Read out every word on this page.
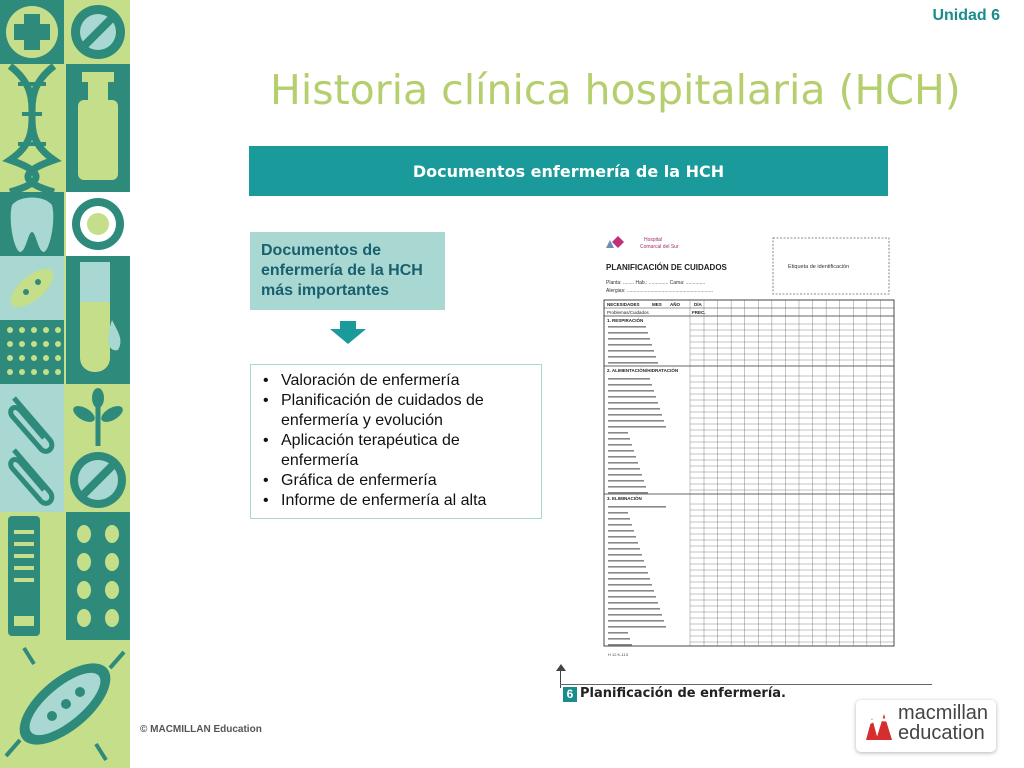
Unidad 6
Historia clínica hospitalaria (HCH)
Documentos enfermería de la HCH
Documentos de enfermería de la HCH más importantes
• Valoración de enfermería
• Planificación de cuidados de enfermería y evolución
• Aplicación terapéutica de enfermería
• Gráfica de enfermería
• Informe de enfermería al alta
Hospital
Comarcal del Sur
Etiqueta de identificación
PLANIFICACIÓN DE CUIDADOS
Planta: ........ Hab.: .............. Cama: ..............
Alergias: ..............................................................
NECESIDADES	MES AÑO	DÍA
Problemas/Cuidados	FREC.
1. RESPIRACIÓN
2. ALIMENTACIÓN/HIDRATACIÓN
3. ELIMINACIÓN
H 12 K-113
6 Planificación de enfermería.
© MACMILLAN Education
macmillan
education
